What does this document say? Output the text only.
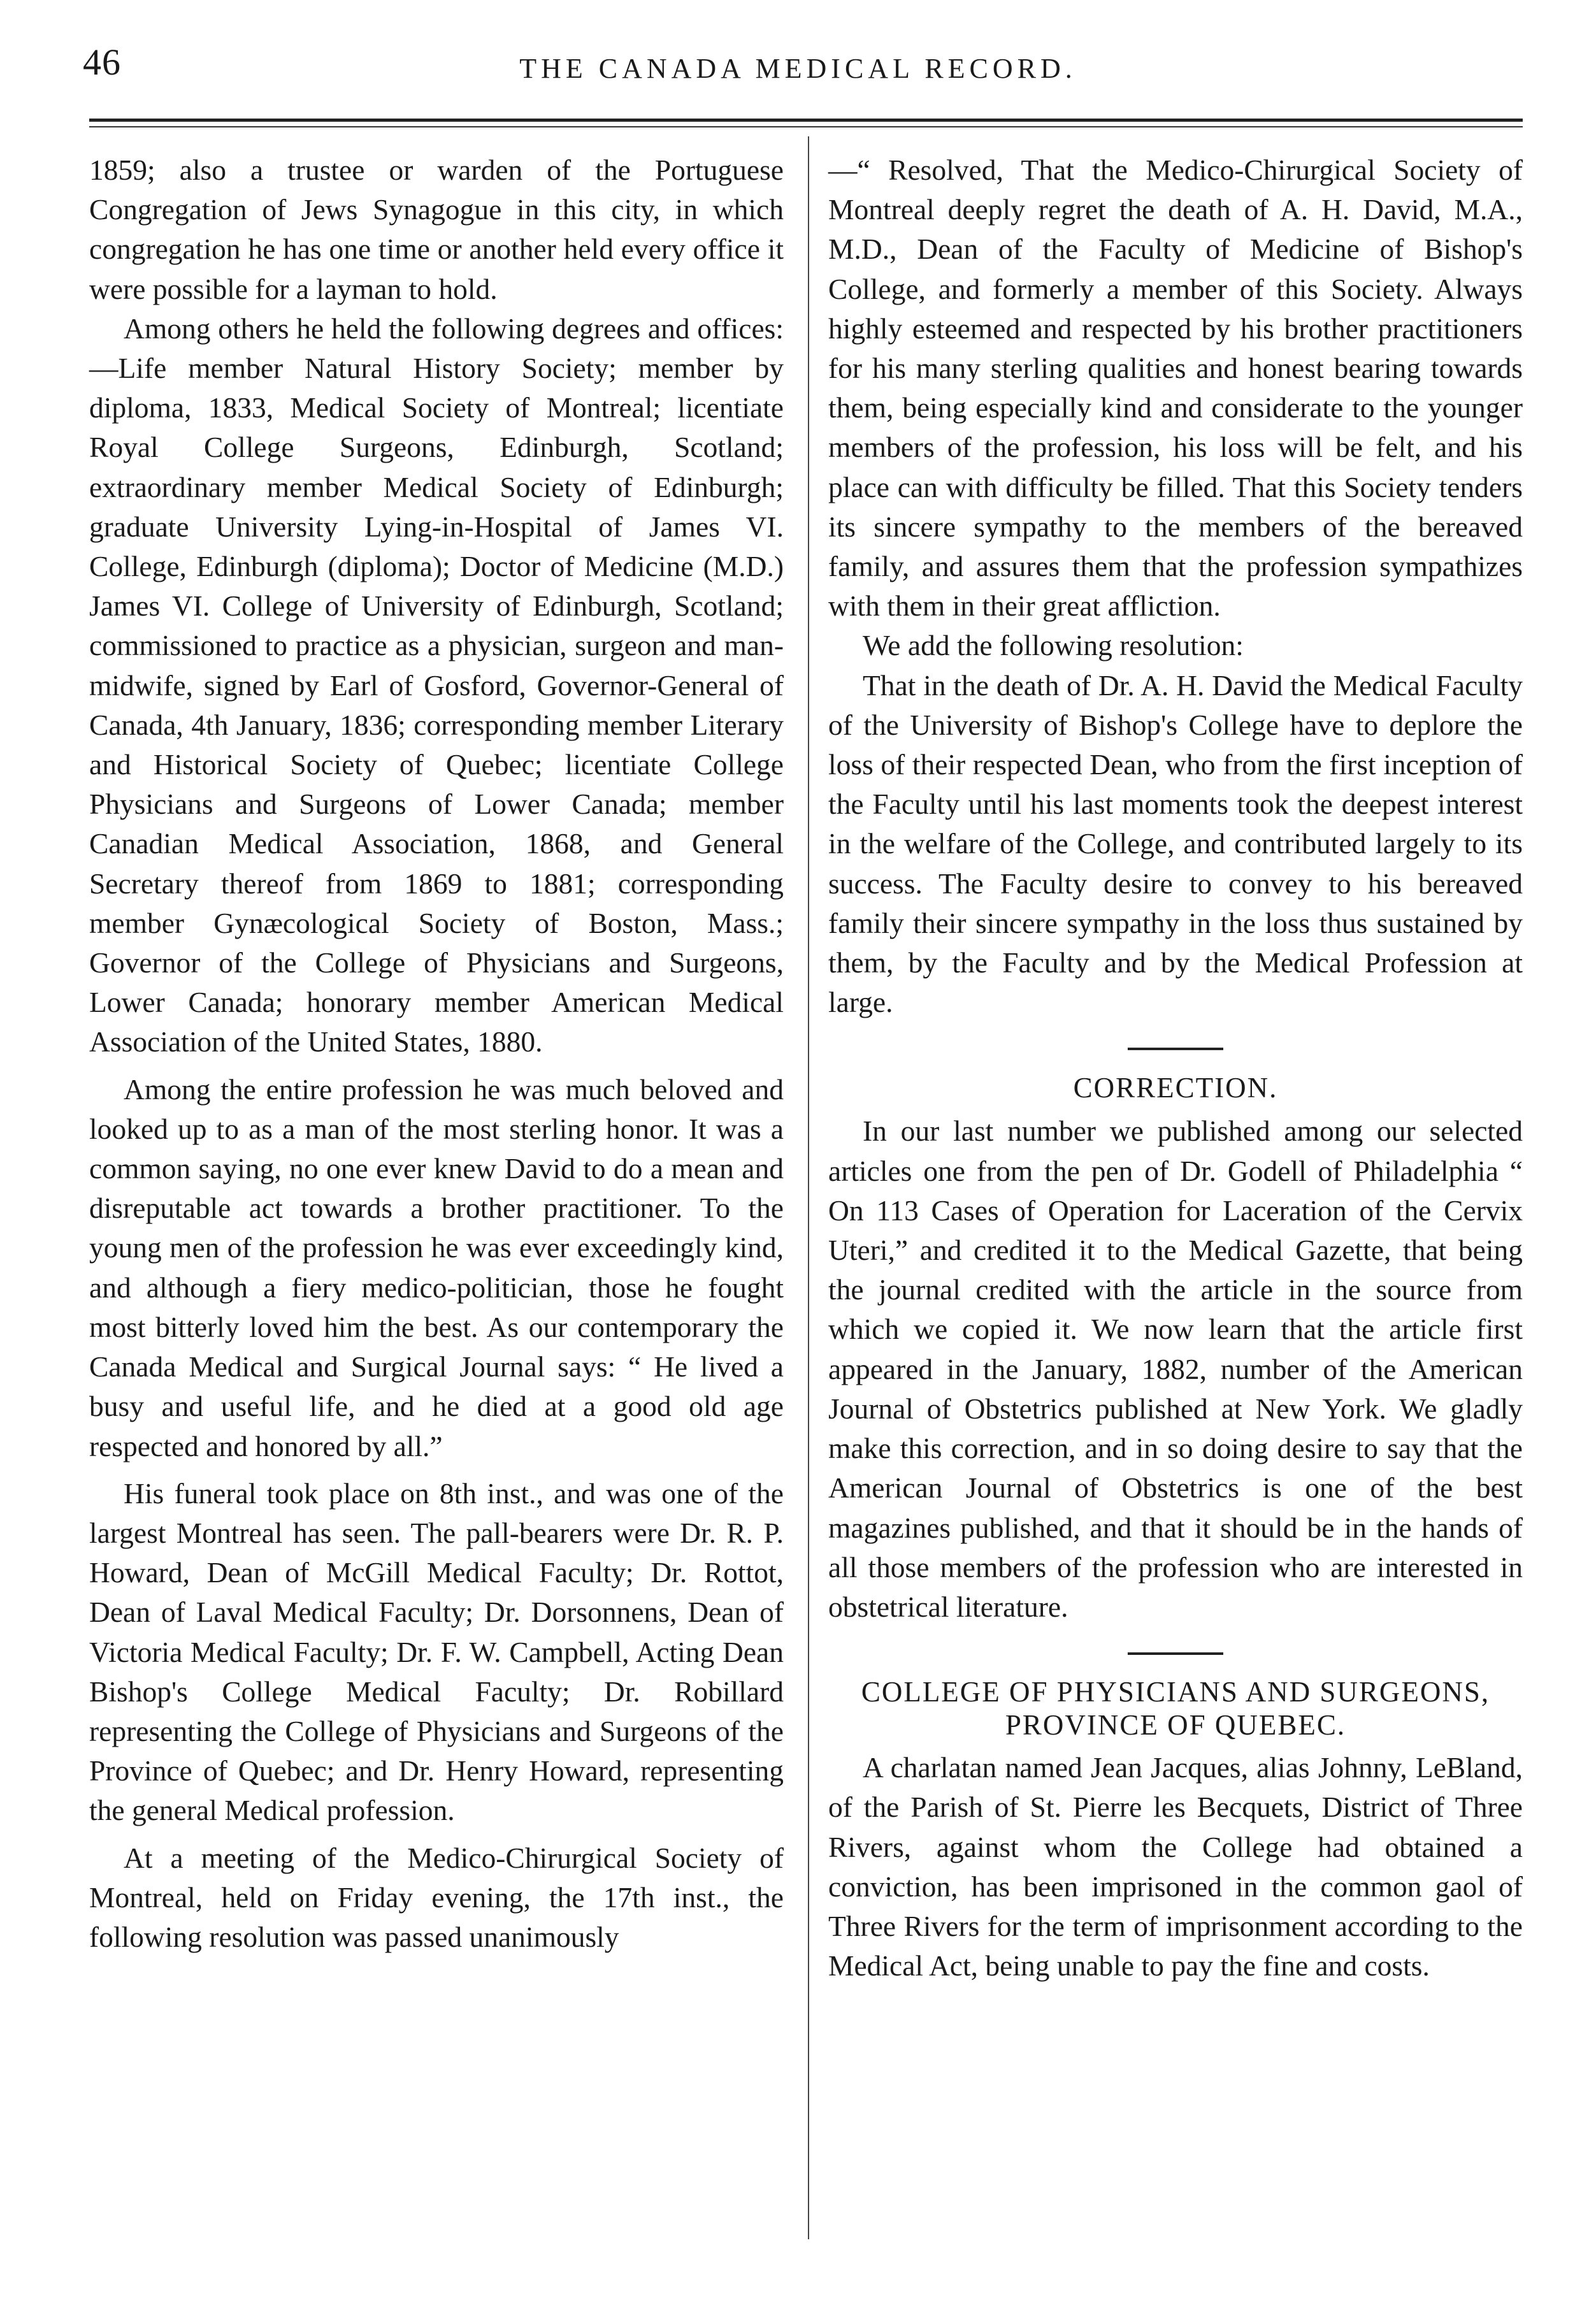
46	THE CANADA MEDICAL RECORD.

1859; also a trustee or warden of the Portuguese Congregation of Jews Synagogue in this city, in which congregation he has one time or another held every office it were possible for a layman to hold.

Among others he held the following degrees and offices:—Life member Natural History Society; member by diploma, 1833, Medical Society of Montreal; licentiate Royal College Surgeons, Edinburgh, Scotland; extraordinary member Medical Society of Edinburgh; graduate University Lying-in-Hospital of James VI. College, Edinburgh (diploma); Doctor of Medicine (M.D.) James VI. College of University of Edinburgh, Scotland; commissioned to practice as a physician, surgeon and man-midwife, signed by Earl of Gosford, Governor-General of Canada, 4th January, 1836; corresponding member Literary and Historical Society of Quebec; licentiate College Physicians and Surgeons of Lower Canada; member Canadian Medical Association, 1868, and General Secretary thereof from 1869 to 1881; corresponding member Gynæcological Society of Boston, Mass.; Governor of the College of Physicians and Surgeons, Lower Canada; honorary member American Medical Association of the United States, 1880.

Among the entire profession he was much beloved and looked up to as a man of the most sterling honor. It was a common saying, no one ever knew David to do a mean and disreputable act towards a brother practitioner. To the young men of the profession he was ever exceedingly kind, and although a fiery medico-politician, those he fought most bitterly loved him the best. As our contemporary the Canada Medical and Surgical Journal says: “ He lived a busy and useful life, and he died at a good old age respected and honored by all.”

His funeral took place on 8th inst., and was one of the largest Montreal has seen. The pall-bearers were Dr. R. P. Howard, Dean of McGill Medical Faculty; Dr. Rottot, Dean of Laval Medical Faculty; Dr. Dorsonnens, Dean of Victoria Medical Faculty; Dr. F. W. Campbell, Acting Dean Bishop's College Medical Faculty; Dr. Robillard representing the College of Physicians and Surgeons of the Province of Quebec; and Dr. Henry Howard, representing the general Medical profession.

At a meeting of the Medico-Chirurgical Society of Montreal, held on Friday evening, the 17th inst., the following resolution was passed unanimously

—“ Resolved, That the Medico-Chirurgical Society of Montreal deeply regret the death of A. H. David, M.A., M.D., Dean of the Faculty of Medicine of Bishop's College, and formerly a member of this Society. Always highly esteemed and respected by his brother practitioners for his many sterling qualities and honest bearing towards them, being especially kind and considerate to the younger members of the profession, his loss will be felt, and his place can with difficulty be filled. That this Society tenders its sincere sympathy to the members of the bereaved family, and assures them that the profession sympathizes with them in their great affliction.

We add the following resolution:

That in the death of Dr. A. H. David the Medical Faculty of the University of Bishop's College have to deplore the loss of their respected Dean, who from the first inception of the Faculty until his last moments took the deepest interest in the welfare of the College, and contributed largely to its success. The Faculty desire to convey to his bereaved family their sincere sympathy in the loss thus sustained by them, by the Faculty and by the Medical Profession at large.

CORRECTION.

In our last number we published among our selected articles one from the pen of Dr. Godell of Philadelphia “ On 113 Cases of Operation for Laceration of the Cervix Uteri,” and credited it to the Medical Gazette, that being the journal credited with the article in the source from which we copied it. We now learn that the article first appeared in the January, 1882, number of the American Journal of Obstetrics published at New York. We gladly make this correction, and in so doing desire to say that the American Journal of Obstetrics is one of the best magazines published, and that it should be in the hands of all those members of the profession who are interested in obstetrical literature.

COLLEGE OF PHYSICIANS AND SURGEONS, PROVINCE OF QUEBEC.

A charlatan named Jean Jacques, alias Johnny, LeBland, of the Parish of St. Pierre les Becquets, District of Three Rivers, against whom the College had obtained a conviction, has been imprisoned in the common gaol of Three Rivers for the term of imprisonment according to the Medical Act, being unable to pay the fine and costs.
